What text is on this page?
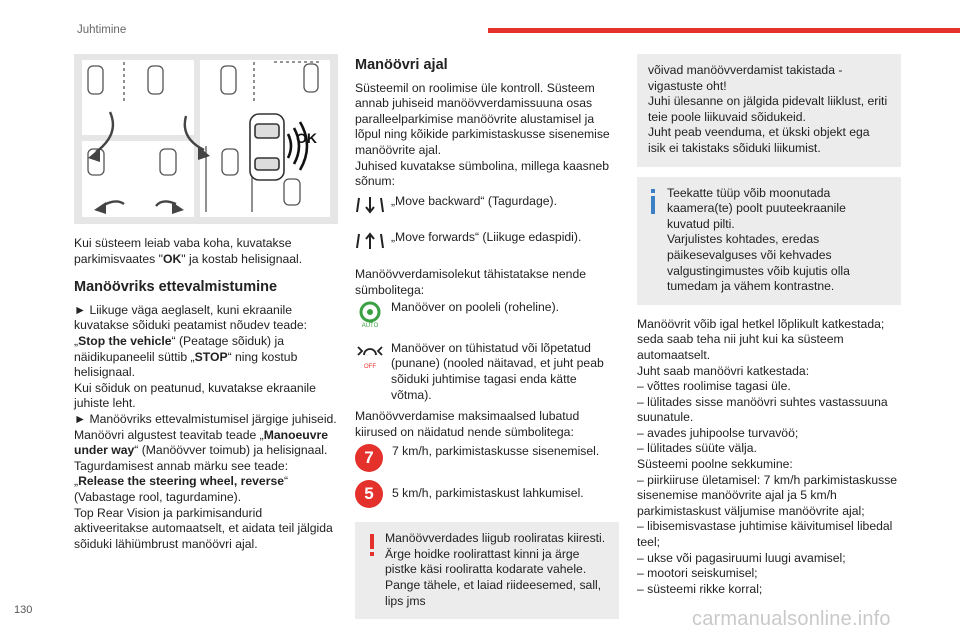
Juhtimine
OK

Kui süsteem leiab vaba koha, kuvatakse parkimisvaates "OK" ja kostab helisignaal.

Manöövriks ettevalmistumine

► Liikuge väga aeglaselt, kuni ekraanile kuvatakse sõiduki peatamist nõudev teade: „Stop the vehicle“ (Peatage sõiduk) ja näidikupaneelil süttib „STOP“ ning kostub helisignaal.

Kui sõiduk on peatunud, kuvatakse ekraanile juhiste leht.

► Manöövriks ettevalmistumisel järgige juhiseid.

Manöövri algustest teavitab teade „Manoeuvre under way“ (Manöövver toimub) ja helisignaal.

Tagurdamisest annab märku see teade: „Release the steering wheel, reverse“ (Vabastage rool, tagurdamine).

Top Rear Vision ja parkimisandurid aktiveeritakse automaatselt, et aidata teil jälgida sõiduki lähiümbrust manöövri ajal.

Manöövri ajal

Süsteemil on roolimise üle kontroll. Süsteem annab juhiseid manöövverdamissuuna osas paralleelparkimise manöövrite alustamisel ja lõpul ning kõikide parkimistaskusse sisenemise manöövrite ajal.

Juhised kuvatakse sümbolina, millega kaasneb sõnum:

„Move backward“ (Tagurdage).
„Move forwards“ (Liikuge edaspidi).

Manöövverdamisolekut tähistatakse nende sümbolitega:

AUTO
Manööver on pooleli (roheline).
OFF
Manööver on tühistatud või lõpetatud (punane) (nooled näitavad, et juht peab sõiduki juhtimise tagasi enda kätte võtma).

Manöövverdamise maksimaalsed lubatud kiirused on näidatud nende sümbolitega:

7	7 km/h, parkimistaskusse sisenemisel.
5	5 km/h, parkimistaskust lahkumisel.
Manöövverdades liigub rooliratas kiiresti. Ärge hoidke roolirattast kinni ja ärge pistke käsi rooliratta kodarate vahele. Pange tähele, et laiad riideesemed, sall, lips jms

võivad manöövverdamist takistada - vigastuste oht!

Juhi ülesanne on jälgida pidevalt liiklust, eriti teie poole liikuvaid sõidukeid.

Juht peab veenduma, et ükski objekt ega isik ei takistaks sõiduki liikumist.

Teekatte tüüp võib moonutada kaamera(te) poolt puuteekraanile kuvatud pilti.

Varjulistes kohtades, eredas päikesevalguses või kehvades valgustingimustes võib kujutis olla tumedam ja vähem kontrastne.

Manöövrit võib igal hetkel lõplikult katkestada; seda saab teha nii juht kui ka süsteem automaatselt.

Juht saab manöövri katkestada:

– võttes roolimise tagasi üle.

– lülitades sisse manöövri suhtes vastassuuna suunatule.

– avades juhipoolse turvavöö;

– lülitades süüte välja.

Süsteemi poolne sekkumine:

– piirkiiruse ületamisel: 7 km/h parkimistaskusse sisenemise manöövrite ajal ja 5 km/h parkimistaskust väljumise manöövrite ajal;

– libisemisvastase juhtimise käivitumisel libedal teel;

– ukse või pagasiruumi luugi avamisel;

– mootori seiskumisel;

– süsteemi rikke korral;

130	carmanualsonline.info
